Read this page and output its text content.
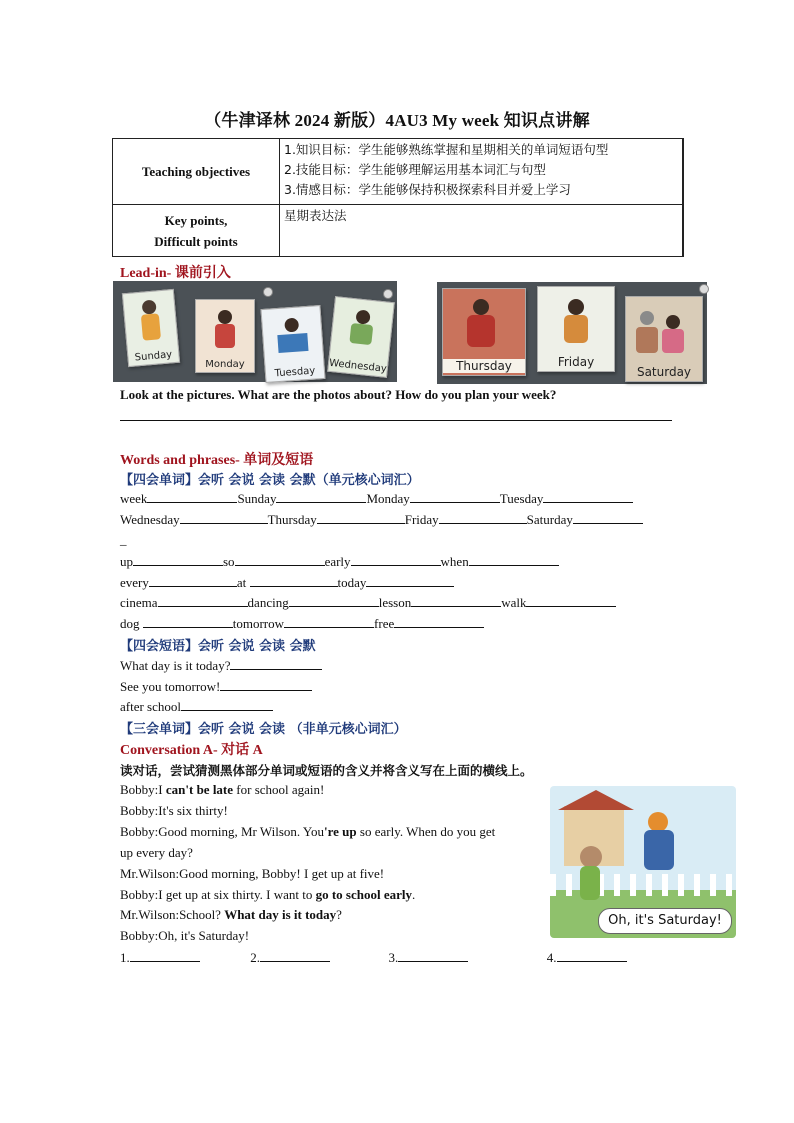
（牛津译林 2024 新版）4AU3 My week 知识点讲解
Teaching objectives	1.知识目标：学生能够熟练掌握和星期相关的单词短语句型
2.技能目标：学生能够理解运用基本词汇与句型
3.情感目标：学生能够保持积极探索科目并爱上学习

Key points,
Difficult points	星期表达法
Lead-in- 课前引入
Sunday
Monday
Tuesday	Wednesday	Thursday	Friday
Saturday
Look at the pictures. What are the photos about? How do you plan your week?
Words and phrases- 单词及短语
【四会单词】会听 会说 会读 会默（单元核心词汇）
week	Sunday	Monday	Tuesday
Wednesday	Thursday	Friday	Saturday
_
up	so	early	when
every	at	today
cinema	dancing	lesson	walk
dog	tomorrow	free
【四会短语】会听 会说 会读 会默
What day is it today?
See you tomorrow!
after school
【三会单词】会听 会说 会读 （非单元核心词汇）
Conversation A- 对话 A
读对话，尝试猜测黑体部分单词或短语的含义并将含义写在上面的横线上。
Bobby:I can't be late for school again!
Bobby:It's six thirty!
Bobby:Good morning, Mr Wilson. You're up so early. When do you get
up every day?
Mr.Wilson:Good morning, Bobby! I get up at five!
Bobby:I get up at six thirty. I want to go to school early.
Mr.Wilson:School? What day is it today?
Bobby:Oh, it's Saturday!
1.	2.	3.	4.
Oh, it's Saturday!
